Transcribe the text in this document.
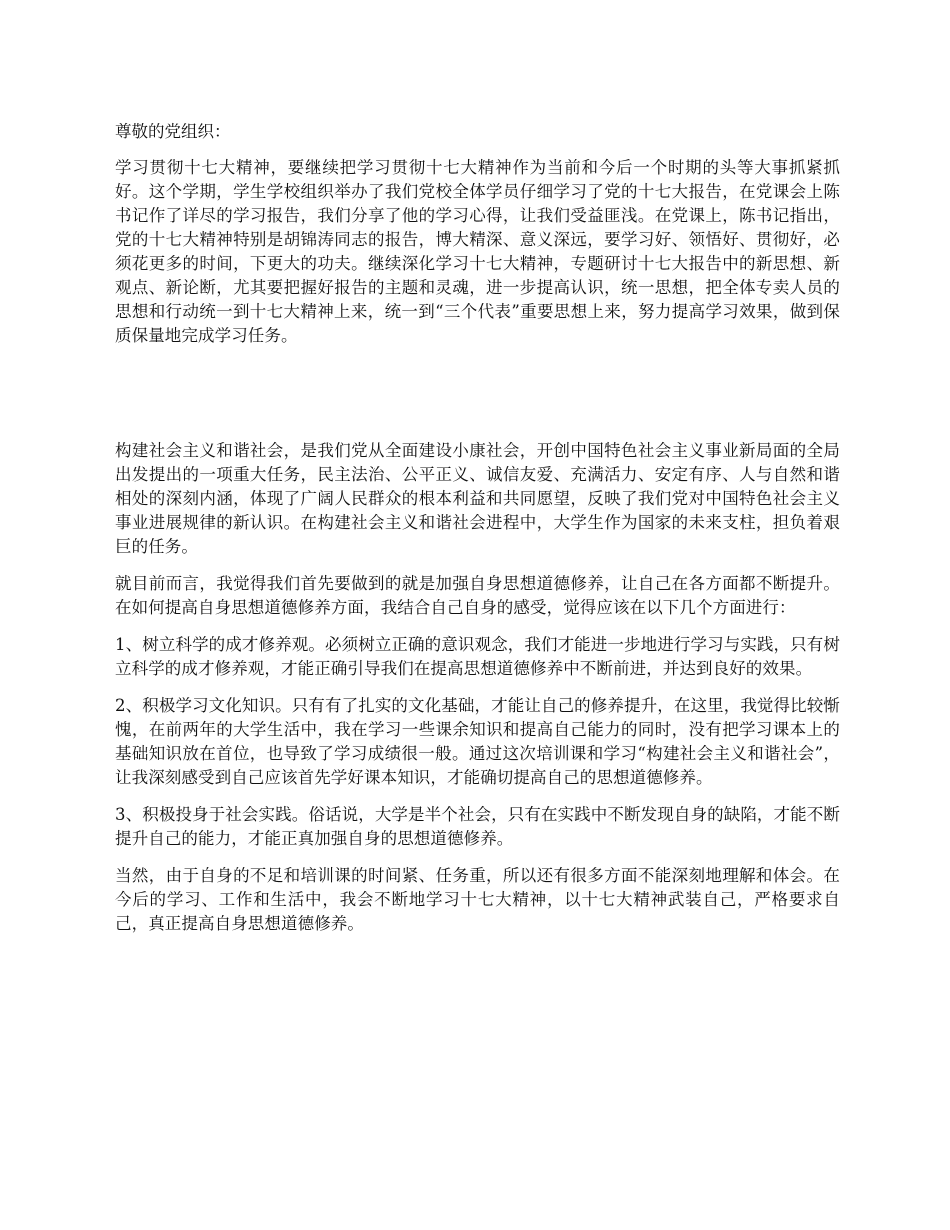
尊敬的党组织：

学习贯彻十七大精神，要继续把学习贯彻十七大精神作为当前和今后一个时期的头等大事抓紧抓好。这个学期，学生学校组织举办了我们党校全体学员仔细学习了党的十七大报告，在党课会上陈书记作了详尽的学习报告，我们分享了他的学习心得，让我们受益匪浅。在党课上，陈书记指出，党的十七大精神特别是胡锦涛同志的报告，博大精深、意义深远，要学习好、领悟好、贯彻好，必须花更多的时间，下更大的功夫。继续深化学习十七大精神，专题研讨十七大报告中的新思想、新观点、新论断，尤其要把握好报告的主题和灵魂，进一步提高认识，统一思想，把全体专卖人员的思想和行动统一到十七大精神上来，统一到“三个代表”重要思想上来，努力提高学习效果，做到保质保量地完成学习任务。

构建社会主义和谐社会，是我们党从全面建设小康社会，开创中国特色社会主义事业新局面的全局出发提出的一项重大任务，民主法治、公平正义、诚信友爱、充满活力、安定有序、人与自然和谐相处的深刻内涵，体现了广阔人民群众的根本利益和共同愿望，反映了我们党对中国特色社会主义事业进展规律的新认识。在构建社会主义和谐社会进程中，大学生作为国家的未来支柱，担负着艰巨的任务。

就目前而言，我觉得我们首先要做到的就是加强自身思想道德修养，让自己在各方面都不断提升。在如何提高自身思想道德修养方面，我结合自己自身的感受，觉得应该在以下几个方面进行：

1、树立科学的成才修养观。必须树立正确的意识观念，我们才能进一步地进行学习与实践，只有树立科学的成才修养观，才能正确引导我们在提高思想道德修养中不断前进，并达到良好的效果。

2、积极学习文化知识。只有有了扎实的文化基础，才能让自己的修养提升，在这里，我觉得比较惭愧，在前两年的大学生活中，我在学习一些课余知识和提高自己能力的同时，没有把学习课本上的基础知识放在首位，也导致了学习成绩很一般。通过这次培训课和学习“构建社会主义和谐社会”，让我深刻感受到自己应该首先学好课本知识，才能确切提高自己的思想道德修养。

3、积极投身于社会实践。俗话说，大学是半个社会，只有在实践中不断发现自身的缺陷，才能不断提升自己的能力，才能正真加强自身的思想道德修养。

当然，由于自身的不足和培训课的时间紧、任务重，所以还有很多方面不能深刻地理解和体会。在今后的学习、工作和生活中，我会不断地学习十七大精神，以十七大精神武装自己，严格要求自己，真正提高自身思想道德修养。
